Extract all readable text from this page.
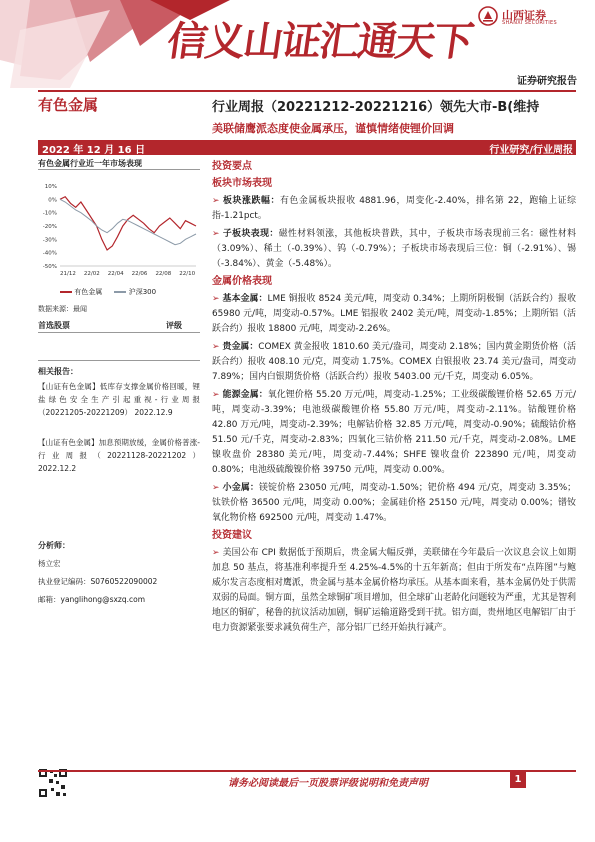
信义山证汇通天下
山西证券
SHANXI SECURITIES
证券研究报告
有色金属	行业周报（20221212-20221216） 领先大市-B(维持
美联储鹰派态度使金属承压，谨慎情绪使锂价回调
2022 年 12 月 16 日	行业研究/行业周报
有色金属行业近一年市场表现
10%
0%
-10%
-20%
-30%
-40%
-50%
21/12 22/02 22/04 22/06 22/08 22/10
有色金属	沪深300
数据来源：最闻
首选股票	评级
相关报告：
【山证有色金属】低库存支撑金属价格回暖，锂盐绿色安全生产引起重视-行业周报（20221205-20221209） 2022.12.9
【山证有色金属】加息预期放缓，金属价格普涨-行业周报（20221128-20221202） 2022.12.2
分析师：
杨立宏
执业登记编码：S0760522090002
邮箱：yanglihong@sxzq.com
投资要点
板块市场表现
➢ 板块涨跌幅：有色金属板块报收 4881.96，周变化-2.40%，排名第 22，跑输上证综指-1.21pct。
➢ 子板块表现：磁性材料领涨，其他板块普跌，其中，子板块市场表现前三名：磁性材料（3.09%）、稀土（-0.39%）、钨（-0.79%）；子板块市场表现后三位：铜（-2.91%）、锡（-3.84%）、黄金（-5.48%）。
金属价格表现
➢ 基本金属：LME 铜报收 8524 美元/吨，周变动 0.34%；上期所阴极铜（活跃合约）报收 65980 元/吨，周变动-0.57%。LME 铝报收 2402 美元/吨，周变动-1.85%；上期所铝（活跃合约）报收 18800 元/吨，周变动-2.26%。
➢ 贵金属：COMEX 黄金报收 1810.60 美元/盎司，周变动 2.18%；国内黄金期货价格（活跃合约）报收 408.10 元/克，周变动 1.75%。COMEX 白银报收 23.74 美元/盎司，周变动 7.89%；国内白银期货价格（活跃合约）报收 5403.00 元/千克，周变动 6.05%。
➢ 能源金属：氧化锂价格 55.20 万元/吨，周变动-1.25%；工业级碳酸锂价格 52.65 万元/吨，周变动-3.39%；电池级碳酸锂价格 55.80 万元/吨，周变动-2.11%。钴酸锂价格 42.80 万元/吨，周变动-2.39%；电解钴价格 32.85 万元/吨，周变动-0.90%；硫酸钴价格 51.50 元/千克，周变动-2.83%；四氧化三钴价格 211.50 元/千克，周变动-2.08%。LME 镍收盘价 28380 美元/吨，周变动-7.44%；SHFE 镍收盘价 223890 元/吨，周变动 0.80%；电池级硫酸镍价格 39750 元/吨，周变动 0.00%。
➢ 小金属：镁锭价格 23050 元/吨，周变动-1.50%；钯价格 494 元/克，周变动 3.35%；钛铁价格 36500 元/吨，周变动 0.00%；金属硅价格 25150 元/吨，周变动 0.00%；镨钕氧化物价格 692500 元/吨，周变动 1.47%。
投资建议
➢ 美国公布 CPI 数据低于预期后，贵金属大幅反弹，美联储在今年最后一次议息会议上如期加息 50 基点，将基准利率提升至 4.25%-4.5%的十五年新高；但由于所发布“点阵图”与鲍威尔发言态度相对鹰派，贵金属与基本金属价格均承压。从基本面来看，基本金属仍处于供需双弱的局面。铜方面，虽然全球铜矿项目增加，但全球矿山老龄化问题较为严重，尤其是智利地区的铜矿，秘鲁的抗议活动加剧，铜矿运输道路受到干扰。铝方面，贵州地区电解铝厂由于电力资源紧张要求减负荷生产，部分铝厂已经开始执行减产。
请务必阅读最后一页股票评级说明和免责声明	1
